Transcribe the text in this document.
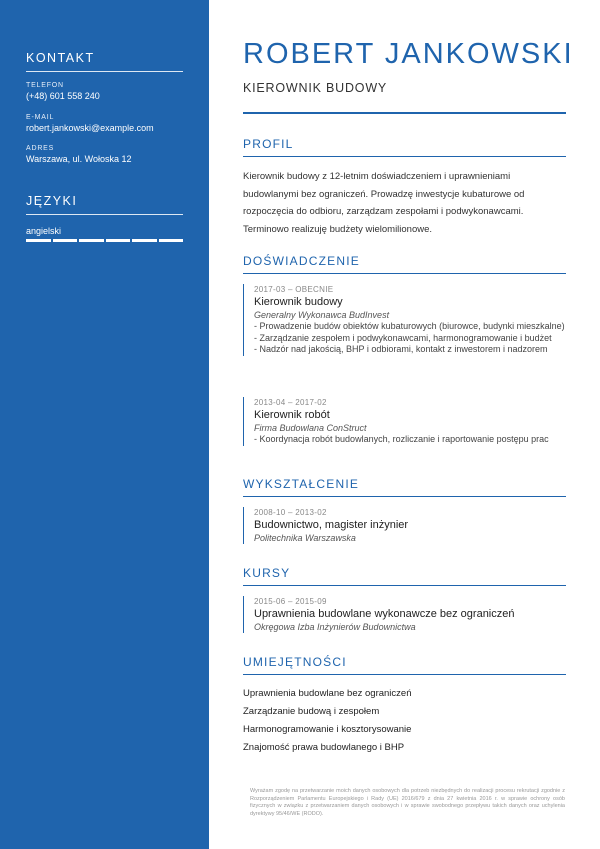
KONTAKT
TELEFON
(+48) 601 558 240
E-MAIL
robert.jankowski@example.com
ADRES
Warszawa, ul. Wołoska 12
JĘZYKI
angielski
ROBERT JANKOWSKI
KIEROWNIK BUDOWY
PROFIL
Kierownik budowy z 12-letnim doświadczeniem i uprawnieniami budowlanymi bez ograniczeń. Prowadzę inwestycje kubaturowe od rozpoczęcia do odbioru, zarządzam zespołami i podwykonawcami. Terminowo realizuję budżety wielomilionowe.
DOŚWIADCZENIE
2017-03 – OBECNIE
Kierownik budowy
Generalny Wykonawca BudInvest
- Prowadzenie budów obiektów kubaturowych (biurowce, budynki mieszkalne)
- Zarządzanie zespołem i podwykonawcami, harmonogramowanie i budżet
- Nadzór nad jakością, BHP i odbiorami, kontakt z inwestorem i nadzorem
2013-04 – 2017-02
Kierownik robót
Firma Budowlana ConStruct
- Koordynacja robót budowlanych, rozliczanie i raportowanie postępu prac
WYKSZTAŁCENIE
2008-10 – 2013-02
Budownictwo, magister inżynier
Politechnika Warszawska
KURSY
2015-06 – 2015-09
Uprawnienia budowlane wykonawcze bez ograniczeń
Okręgowa Izba Inżynierów Budownictwa
UMIEJĘTNOŚCI
Uprawnienia budowlane bez ograniczeń
Zarządzanie budową i zespołem
Harmonogramowanie i kosztorysowanie
Znajomość prawa budowlanego i BHP
Wyrażam zgodę na przetwarzanie moich danych osobowych dla potrzeb niezbędnych do realizacji procesu rekrutacji zgodnie z Rozporządzeniem Parlamentu Europejskiego i Rady (UE) 2016/679 z dnia 27 kwietnia 2016 r. w sprawie ochrony osób fizycznych w związku z przetwarzaniem danych osobowych i w sprawie swobodnego przepływu takich danych oraz uchylenia dyrektywy 95/46/WE (RODO).
